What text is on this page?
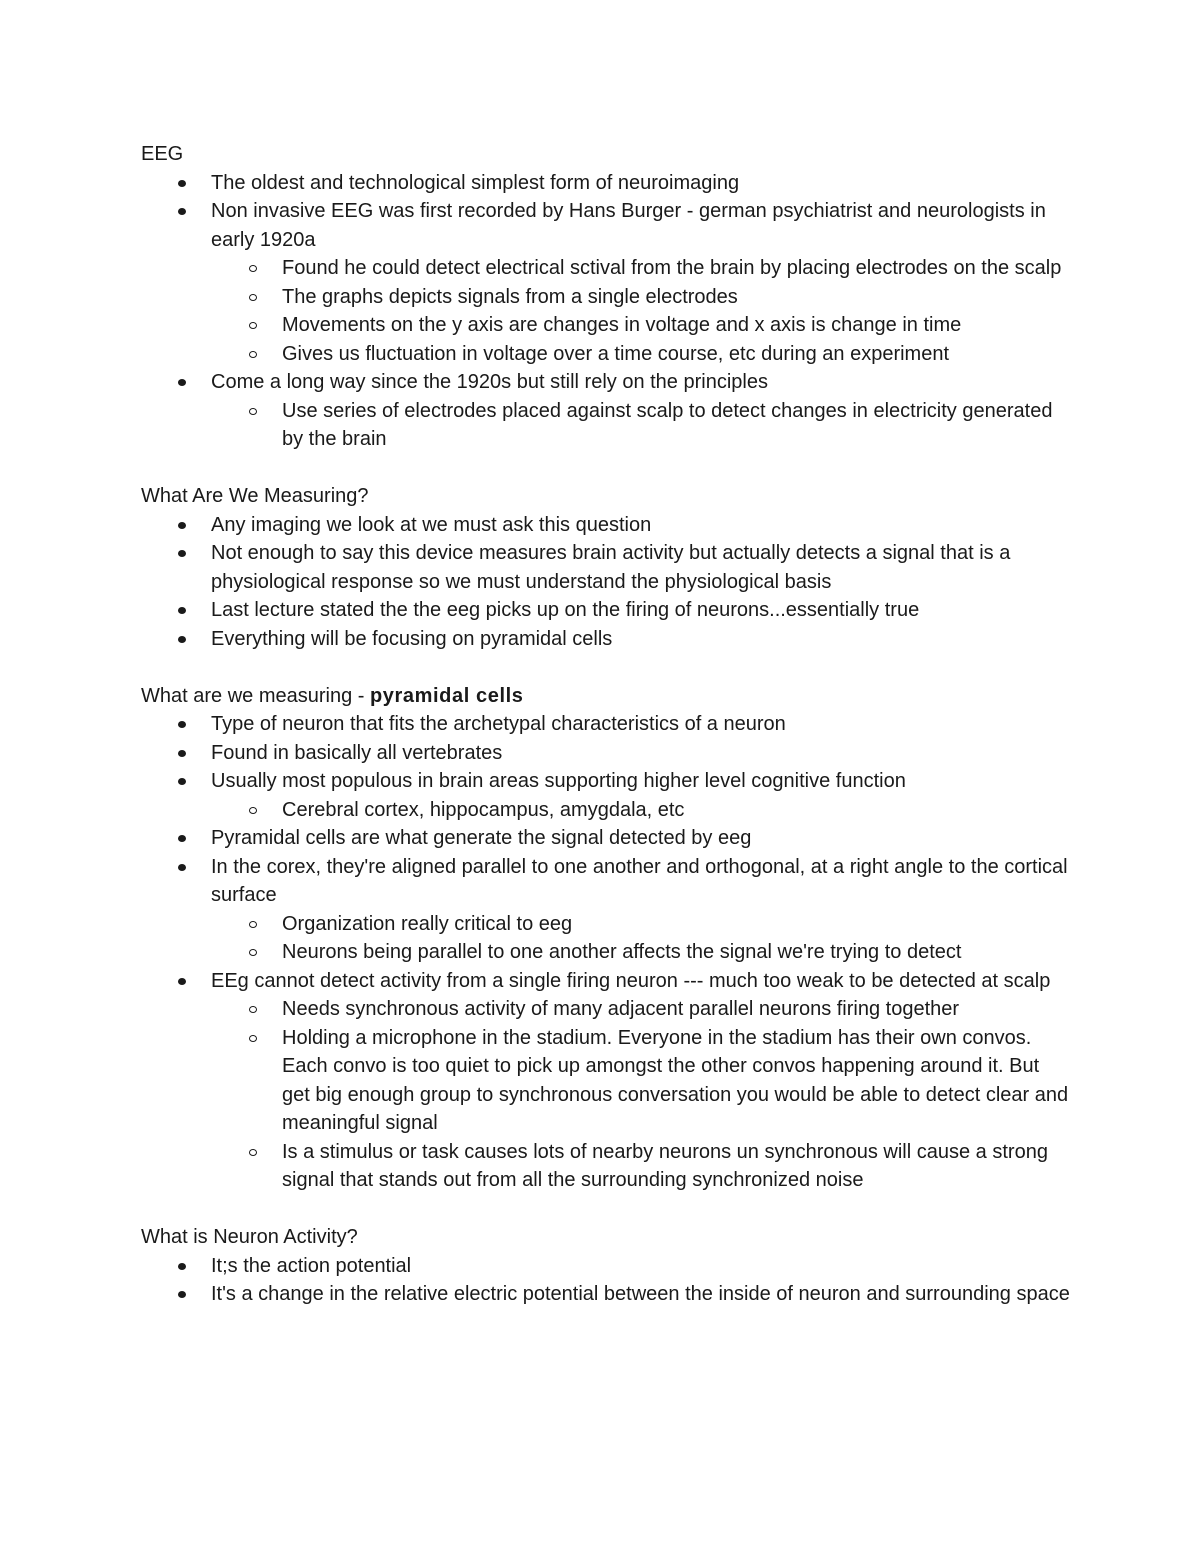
EEG

The oldest and technological simplest form of neuroimaging
Non invasive EEG was first recorded by Hans Burger - german psychiatrist and neurologists in early 1920a
Found he could detect electrical sctival from the brain by placing electrodes on the scalp
The graphs depicts signals from a single electrodes
Movements on the y axis are changes in voltage and x axis is change in time
Gives us fluctuation in voltage over a time course, etc during an experiment
Come a long way since the 1920s but still rely on the principles
Use series of electrodes placed against scalp to detect changes in electricity generated by the brain

What Are We Measuring?

Any imaging we look at we must ask this question
Not enough to say this device measures brain activity but actually detects a signal that is a physiological response so we must understand the physiological basis
Last lecture stated the the eeg picks up on the firing of neurons...essentially true
Everything will be focusing on pyramidal cells

What are we measuring - pyramidal cells

Type of neuron that fits the archetypal characteristics of a neuron
Found in basically all vertebrates
Usually most populous in brain areas supporting higher level cognitive function
Cerebral cortex, hippocampus, amygdala, etc
Pyramidal cells are what generate the signal detected by eeg
In the corex, they're aligned parallel to one another and orthogonal, at a right angle to the cortical surface
Organization really critical to eeg
Neurons being parallel to one another affects the signal we're trying to detect
EEg cannot detect activity from a single firing neuron --- much too weak to be detected at scalp
Needs synchronous activity of many adjacent parallel neurons firing together
Holding a microphone in the stadium. Everyone in the stadium has their own convos. Each convo is too quiet to pick up amongst the other convos happening around it. But get big enough group to synchronous conversation you would be able to detect clear and meaningful signal
Is a stimulus or task causes lots of nearby neurons un synchronous will cause a strong signal that stands out from all the surrounding synchronized noise

What is Neuron Activity?

It;s the action potential
It's a change in the relative electric potential between the inside of neuron and surrounding space
